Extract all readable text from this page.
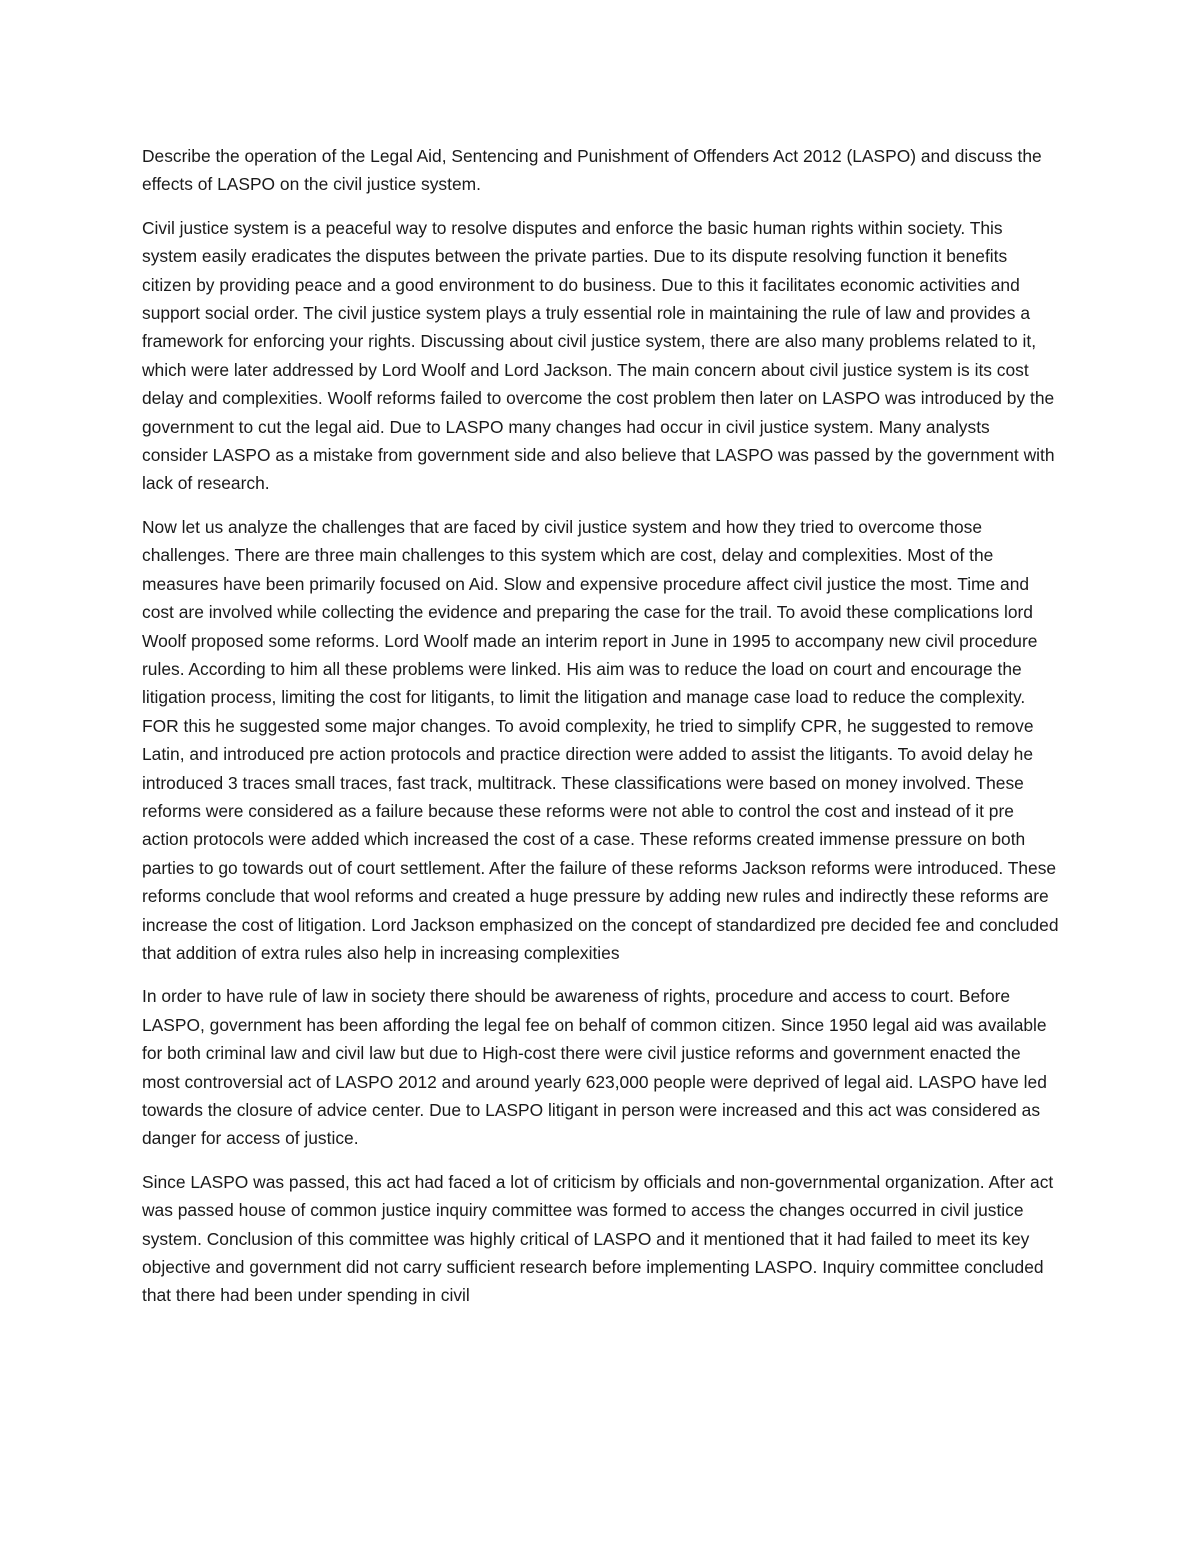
Describe the operation of the Legal Aid, Sentencing and Punishment of Offenders Act 2012 (LASPO) and discuss the effects of LASPO on the civil justice system.

Civil justice system is a peaceful way to resolve disputes and enforce the basic human rights within society. This system easily eradicates the disputes between the private parties. Due to its dispute resolving function it benefits citizen by providing peace and a good environment to do business. Due to this it facilitates economic activities and support social order. The civil justice system plays a truly essential role in maintaining the rule of law and provides a framework for enforcing your rights. Discussing about civil justice system, there are also many problems related to it, which were later addressed by Lord Woolf and Lord Jackson. The main concern about civil justice system is its cost delay and complexities. Woolf reforms failed to overcome the cost problem then later on LASPO was introduced by the government to cut the legal aid. Due to LASPO many changes had occur in civil justice system. Many analysts consider LASPO as a mistake from government side and also believe that LASPO was passed by the government with lack of research.

Now let us analyze the challenges that are faced by civil justice system and how they tried to overcome those challenges. There are three main challenges to this system which are cost, delay and complexities. Most of the measures have been primarily focused on Aid. Slow and expensive procedure affect civil justice the most. Time and cost are involved while collecting the evidence and preparing the case for the trail. To avoid these complications lord Woolf proposed some reforms. Lord Woolf made an interim report in June in 1995 to accompany new civil procedure rules. According to him all these problems were linked. His aim was to reduce the load on court and encourage the litigation process, limiting the cost for litigants, to limit the litigation and manage case load to reduce the complexity. FOR this he suggested some major changes. To avoid complexity, he tried to simplify CPR, he suggested to remove Latin, and introduced pre action protocols and practice direction were added to assist the litigants. To avoid delay he introduced 3 traces small traces, fast track, multitrack. These classifications were based on money involved. These reforms were considered as a failure because these reforms were not able to control the cost and instead of it pre action protocols were added which increased the cost of a case. These reforms created immense pressure on both parties to go towards out of court settlement. After the failure of these reforms Jackson reforms were introduced. These reforms conclude that wool reforms and created a huge pressure by adding new rules and indirectly these reforms are increase the cost of litigation. Lord Jackson emphasized on the concept of standardized pre decided fee and concluded that addition of extra rules also help in increasing complexities

In order to have rule of law in society there should be awareness of rights, procedure and access to court. Before LASPO, government has been affording the legal fee on behalf of common citizen. Since 1950 legal aid was available for both criminal law and civil law but due to High-cost there were civil justice reforms and government enacted the most controversial act of LASPO 2012 and around yearly 623,000 people were deprived of legal aid. LASPO have led towards the closure of advice center. Due to LASPO litigant in person were increased and this act was considered as danger for access of justice.

Since LASPO was passed, this act had faced a lot of criticism by officials and non-governmental organization. After act was passed house of common justice inquiry committee was formed to access the changes occurred in civil justice system. Conclusion of this committee was highly critical of LASPO and it mentioned that it had failed to meet its key objective and government did not carry sufficient research before implementing LASPO. Inquiry committee concluded that there had been under spending in civil
